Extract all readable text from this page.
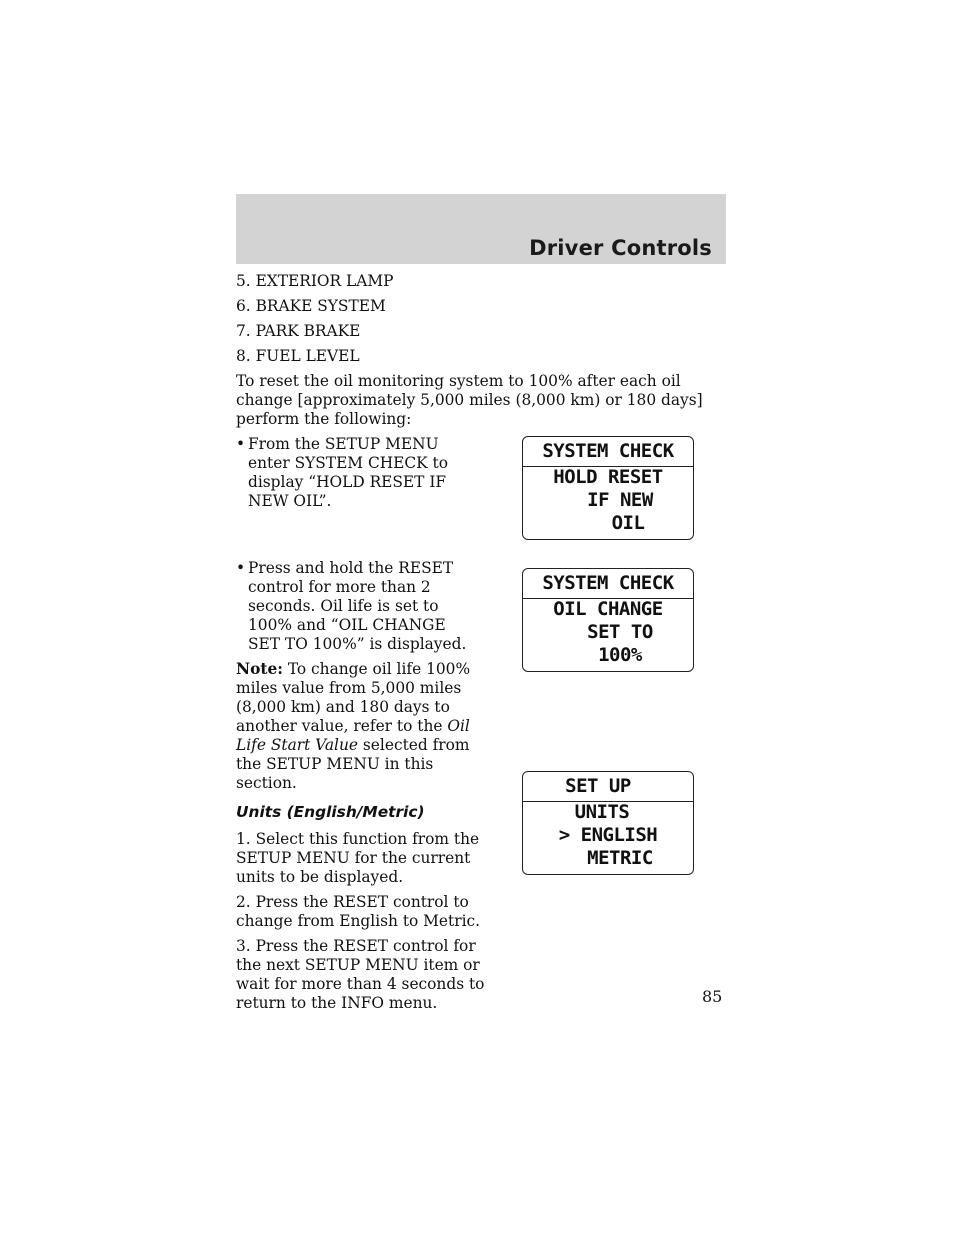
Driver Controls
5. EXTERIOR LAMP
6. BRAKE SYSTEM
7. PARK BRAKE
8. FUEL LEVEL
To reset the oil monitoring system to 100% after each oil change [approximately 5,000 miles (8,000 km) or 180 days] perform the following:
• From the SETUP MENU enter SYSTEM CHECK to display “HOLD RESET IF NEW OIL”.
• Press and hold the RESET control for more than 2 seconds. Oil life is set to 100% and “OIL CHANGE SET TO 100%” is displayed.
Note: To change oil life 100% miles value from 5,000 miles (8,000 km) and 180 days to another value, refer to the Oil Life Start Value selected from the SETUP MENU in this section.
Units (English/Metric)
1. Select this function from the SETUP MENU for the current units to be displayed.
2. Press the RESET control to change from English to Metric.
3. Press the RESET control for the next SETUP MENU item or wait for more than 4 seconds to return to the INFO menu.
SYSTEM CHECK
HOLD RESET
IF NEW
OIL
SYSTEM CHECK
OIL CHANGE
SET TO
100%
SET UP
UNITS
> ENGLISH
METRIC
85
